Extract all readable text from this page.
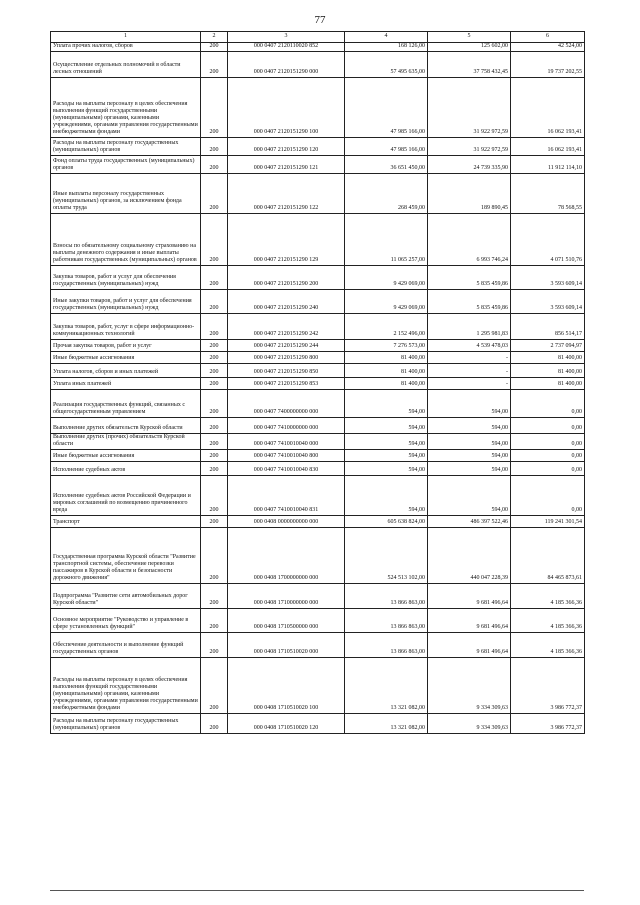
77
1	2	3	4	5	6
Уплата прочих налогов, сборов	200	000 0407 2120110020 852	168 126,00	125 602,00	42 524,00
Осуществление отдельных полномочий в области лесных отношений	200	000 0407 2120151290 000	57 495 635,00	37 758 432,45	19 737 202,55
Расходы на выплаты персоналу в целях обеспечения выполнения функций государственными (муниципальными) органами, казенными учреждениями, органами управления государственными внебюджетными фондами	200	000 0407 2120151290 100	47 985 166,00	31 922 972,59	16 062 193,41
Расходы на выплаты персоналу государственных (муниципальных) органов	200	000 0407 2120151290 120	47 985 166,00	31 922 972,59	16 062 193,41
Фонд оплаты труда государственных (муниципальных) органов	200	000 0407 2120151290 121	36 651 450,00	24 739 335,90	11 912 114,10
Иные выплаты персоналу государственных (муниципальных) органов, за исключением фонда оплаты труда	200	000 0407 2120151290 122	268 459,00	189 890,45	78 568,55
Взносы по обязательному социальному страхованию на выплаты денежного содержания и иные выплаты работникам государственных (муниципальных) органов	200	000 0407 2120151290 129	11 065 257,00	6 993 746,24	4 071 510,76
Закупка товаров, работ и услуг для обеспечения государственных (муниципальных) нужд	200	000 0407 2120151290 200	9 429 069,00	5 835 459,86	3 593 609,14
Иные закупки товаров, работ и услуг для обеспечения государственных (муниципальных) нужд	200	000 0407 2120151290 240	9 429 069,00	5 835 459,86	3 593 609,14
Закупка товаров, работ, услуг в сфере информационно-коммуникационных технологий	200	000 0407 2120151290 242	2 152 496,00	1 295 981,83	856 514,17
Прочая закупка товаров, работ и услуг	200	000 0407 2120151290 244	7 276 573,00	4 539 478,03	2 737 094,97
Иные бюджетные ассигнования	200	000 0407 2120151290 800	81 400,00	-	81 400,00
Уплата налогов, сборов и иных платежей	200	000 0407 2120151290 850	81 400,00	-	81 400,00
Уплата иных платежей	200	000 0407 2120151290 853	81 400,00	-	81 400,00
Реализация государственных функций, связанных с общегосударственным управлением	200	000 0407 7400000000 000	594,00	594,00	0,00
Выполнение других обязательств Курской области	200	000 0407 7410000000 000	594,00	594,00	0,00
Выполнение других (прочих) обязательств Курской области	200	000 0407 7410010040 000	594,00	594,00	0,00
Иные бюджетные ассигнования	200	000 0407 7410010040 800	594,00	594,00	0,00
Исполнение судебных актов	200	000 0407 7410010040 830	594,00	594,00	0,00
Исполнение судебных актов Российской Федерации и мировых соглашений по возмещению причиненного вреда	200	000 0407 7410010040 831	594,00	594,00	0,00
Транспорт	200	000 0408 0000000000 000	605 638 824,00	486 397 522,46	119 241 301,54
Государственная программа Курской области "Развитие транспортной системы, обеспечение перевозки пассажиров в Курской области и безопасности дорожного движения"	200	000 0408 1700000000 000	524 513 102,00	440 047 228,39	84 465 873,61
Подпрограмма "Развитие сети автомобильных дорог Курской области"	200	000 0408 1710000000 000	13 866 863,00	9 681 496,64	4 185 366,36
Основное мероприятие "Руководство и управление в сфере установленных функций"	200	000 0408 1710500000 000	13 866 863,00	9 681 496,64	4 185 366,36
Обеспечение деятельности и выполнение функций государственных органов	200	000 0408 1710510020 000	13 866 863,00	9 681 496,64	4 185 366,36
Расходы на выплаты персоналу в целях обеспечения выполнения функций государственными (муниципальными) органами, казенными учреждениями, органами управления государственными внебюджетными фондами	200	000 0408 1710510020 100	13 321 082,00	9 334 309,63	3 986 772,37
Расходы на выплаты персоналу государственных (муниципальных) органов	200	000 0408 1710510020 120	13 321 082,00	9 334 309,63	3 986 772,37
